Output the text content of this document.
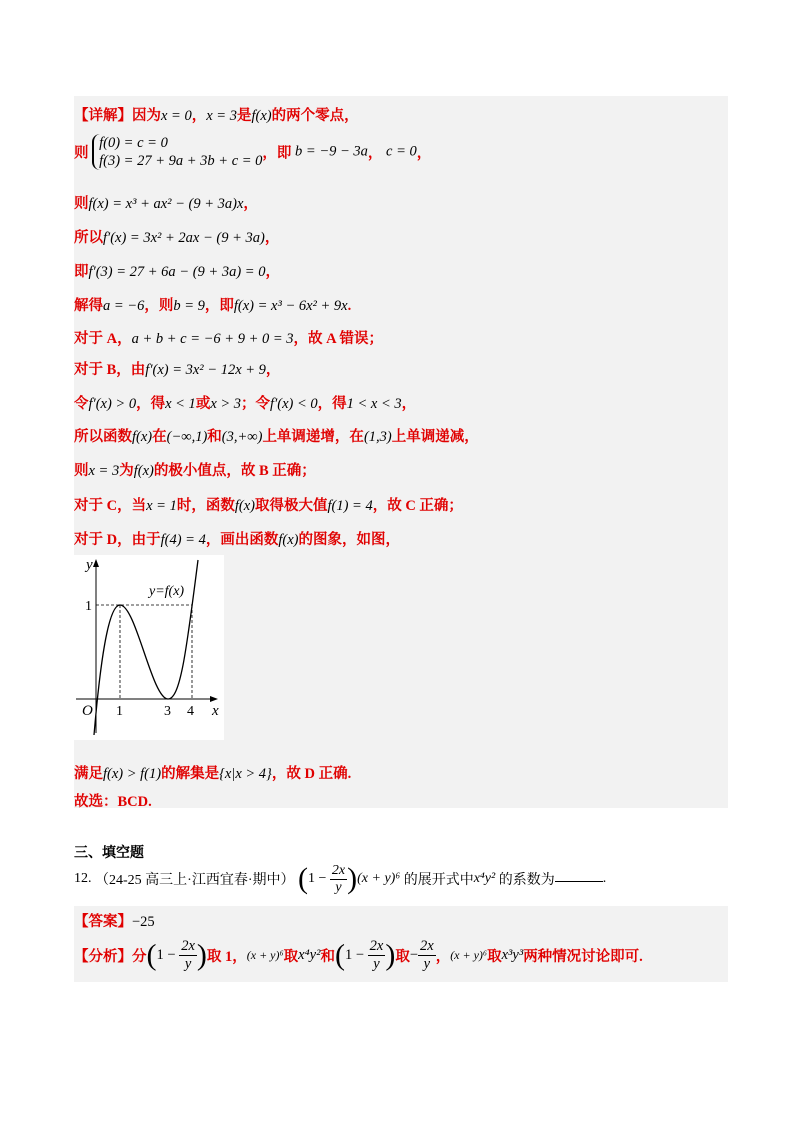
【详解】因为x = 0，x = 3是f(x)的两个零点，
则
f(0) = c = 0
f(3) = 27 + 9a + 3b + c = 0 ，即 b = −9 − 3a， c = 0，
则f(x) = x³ + ax² − (9 + 3a)x，
所以f′(x) = 3x² + 2ax − (9 + 3a)，
即f′(3) = 27 + 6a − (9 + 3a) = 0，
解得a = −6，则b = 9，即f(x) = x³ − 6x² + 9x.
对于 A，a + b + c = −6 + 9 + 0 = 3，故 A 错误；
对于 B，由f′(x) = 3x² − 12x + 9，
令f′(x) > 0，得x < 1或x > 3；令f′(x) < 0，得1 < x < 3，
所以函数f(x)在(−∞,1)和(3,+∞)上单调递增，在(1,3)上单调递减，
则x = 3为f(x)的极小值点，故 B 正确；
对于 C，当x = 1时，函数f(x)取得极大值f(1) = 4，故 C 正确；
对于 D，由于f(4) = 4，画出函数f(x)的图象，如图，
y
x
O
y=f(x)
1
1	3 4
满足f(x) > f(1)的解集是{x|x > 4}，故 D 正确.
故选：BCD.
三、填空题
12. （24-25 高三上·江西宜春·期中） $(1 - \frac{2x}{y} )(x + y)^6$ 的展开式中x⁴y² 的系数为	.
【答案】−25
【分析】分($1 - \frac{2x}{y}$ )取 1，(x + y)⁶取x⁴y²和($1 - \frac{2x}{y}$ )取− $\frac{2x}{y}$ ，(x + y)⁶取x³y³两种情况讨论即可.
